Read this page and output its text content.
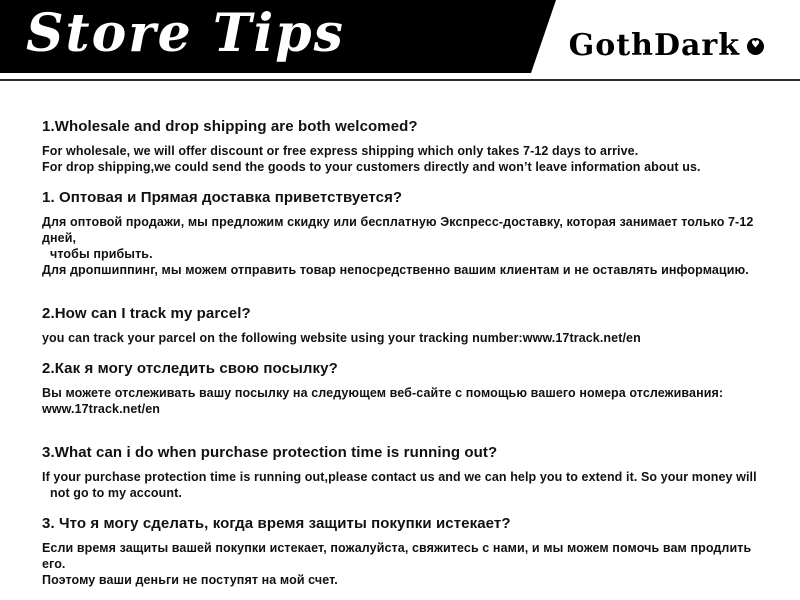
Store Tips	GothDark ♥
1.Wholesale and drop shipping are both welcomed?

For wholesale, we will offer discount or free express shipping which only takes 7-12 days to arrive.

For drop shipping,we could send the goods to your customers directly and won’t leave information about us.

1. Оптовая и Прямая доставка приветствуется?

Для оптовой продажи, мы предложим скидку или бесплатную Экспресс-доставку, которая занимает только 7-12 дней,

чтобы прибыть.

Для дропшиппинг, мы можем отправить товар непосредственно вашим клиентам и не оставлять информацию.

2.How can I track my parcel?

you can track your parcel on the following website using your tracking number:www.17track.net/en

2.Как я могу отследить свою посылку?

Вы можете отслеживать вашу посылку на следующем веб-сайте с помощью вашего номера отслеживания: www.17track.net/en

3.What can i do when purchase protection time is running out?

If your purchase protection time is running out,please contact us and we can help you to extend it. So your money will

not go to my account.

3. Что я могу сделать, когда время защиты покупки истекает?

Если время защиты вашей покупки истекает, пожалуйста, свяжитесь с нами, и мы можем помочь вам продлить его.

Поэтому ваши деньги не поступят на мой счет.
